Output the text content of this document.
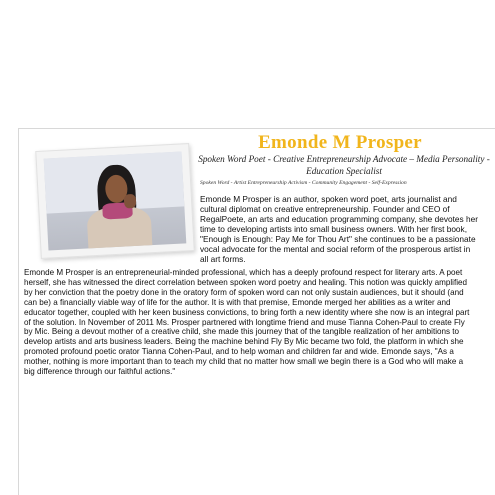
Emonde M Prosper

Spoken Word Poet - Creative Entrepreneurship Advocate – Media Personality - Education Specialist

Spoken Word - Artist Entrepreneurship Activism - Community Engagement - Self-Expression

Emonde M Prosper is an author, spoken word poet, arts journalist and cultural diplomat on creative entrepreneurship. Founder and CEO of RegalPoete, an arts and education programming company, she devotes her time to developing artists into small business owners. With her first book, "Enough is Enough: Pay Me for Thou Art" she continues to be a passionate vocal advocate for the mental and social reform of the prosperous artist in all art forms.

Emonde M Prosper is an entrepreneurial-minded professional, which has a deeply profound respect for literary arts. A poet herself, she has witnessed the direct correlation between spoken word poetry and healing. This notion was quickly amplified by her conviction that the poetry done in the oratory form of spoken word can not only sustain audiences, but it should (and can be) a financially viable way of life for the author. It is with that premise, Emonde merged her abilities as a writer and educator together, coupled with her keen business convictions, to bring forth a new identity where she now is an integral part of the solution. In November of 2011 Ms. Prosper partnered with longtime friend and muse Tianna Cohen-Paul to create Fly by Mic. Being a devout mother of a creative child, she made this journey that of the tangible realization of her ambitions to develop artists and arts business leaders. Being the machine behind Fly By Mic became two fold, the platform in which she promoted profound poetic orator Tianna Cohen-Paul, and to help woman and children far and wide. Emonde says, "As a mother, nothing is more important than to teach my child that no matter how small we begin there is a God who will make a big difference through our faithful actions."
